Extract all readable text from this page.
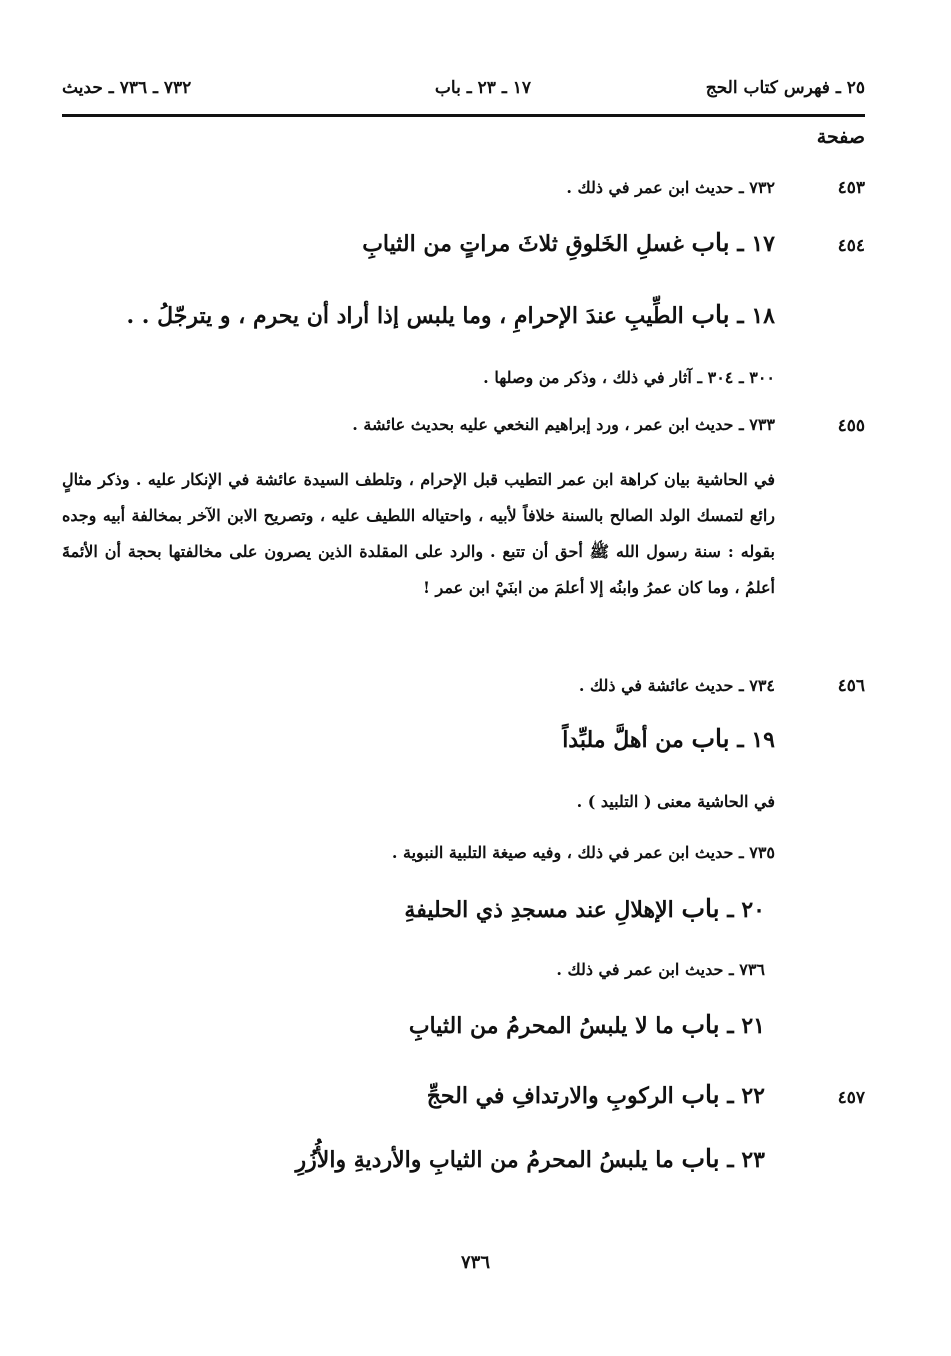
٢٥ ـ فهرس كتاب الحج
١٧ ـ ٢٣ ـ باب
٧٣٢ ـ ٧٣٦ ـ حديث
صفحة
٤٥٣
٧٣٢ ـ حديث ابن عمر في ذلك .
٤٥٤
١٧ ـ باب غسلِ الخَلوقِ ثلاثَ مراتٍ من الثيابِ
١٨ ـ باب الطِّيبِ عندَ الإحرامِ ، وما يلبس إذا أراد أن يحرم ، و يترجّلُ . .
٣٠٠ ـ ٣٠٤ ـ آثار في ذلك ، وذكر من وصلها .
٤٥٥
٧٣٣ ـ حديث ابن عمر ، ورد إبراهيم النخعي عليه بحديث عائشة .
في الحاشية بيان كراهة ابن عمر التطيب قبل الإحرام ، وتلطف السيدة عائشة في الإنكار عليه . وذكر مثالٍ رائع لتمسك الولد الصالح بالسنة خلافاً لأبيه ، واحتياله اللطيف عليه ، وتصريح الابن الآخر بمخالفة أبيه وجده بقوله : سنة رسول الله ﷺ أحق أن تتبع . والرد على المقلدة الذين يصرون على مخالفتها بحجة أن الأئمةَ أعلمُ ، وما كان عمرُ وابنُه إلا أعلمَ من ابنَيْ ابن عمر !
٤٥٦
٧٣٤ ـ حديث عائشة في ذلك .
١٩ ـ باب من أهلَّ ملبِّداً
في الحاشية معنى ( التلبيد ) .
٧٣٥ ـ حديث ابن عمر في ذلك ، وفيه صيغة التلبية النبوية .
٢٠ ـ باب الإهلالِ عند مسجدِ ذي الحليفةِ
٧٣٦ ـ حديث ابن عمر في ذلك .
٢١ ـ باب ما لا يلبسُ المحرمُ من الثيابِ
٤٥٧
٢٢ ـ باب الركوبِ والارتدافِ في الحجِّ
٢٣ ـ باب ما يلبسُ المحرمُ من الثيابِ والأرديةِ والأُزُرِ
٧٣٦
